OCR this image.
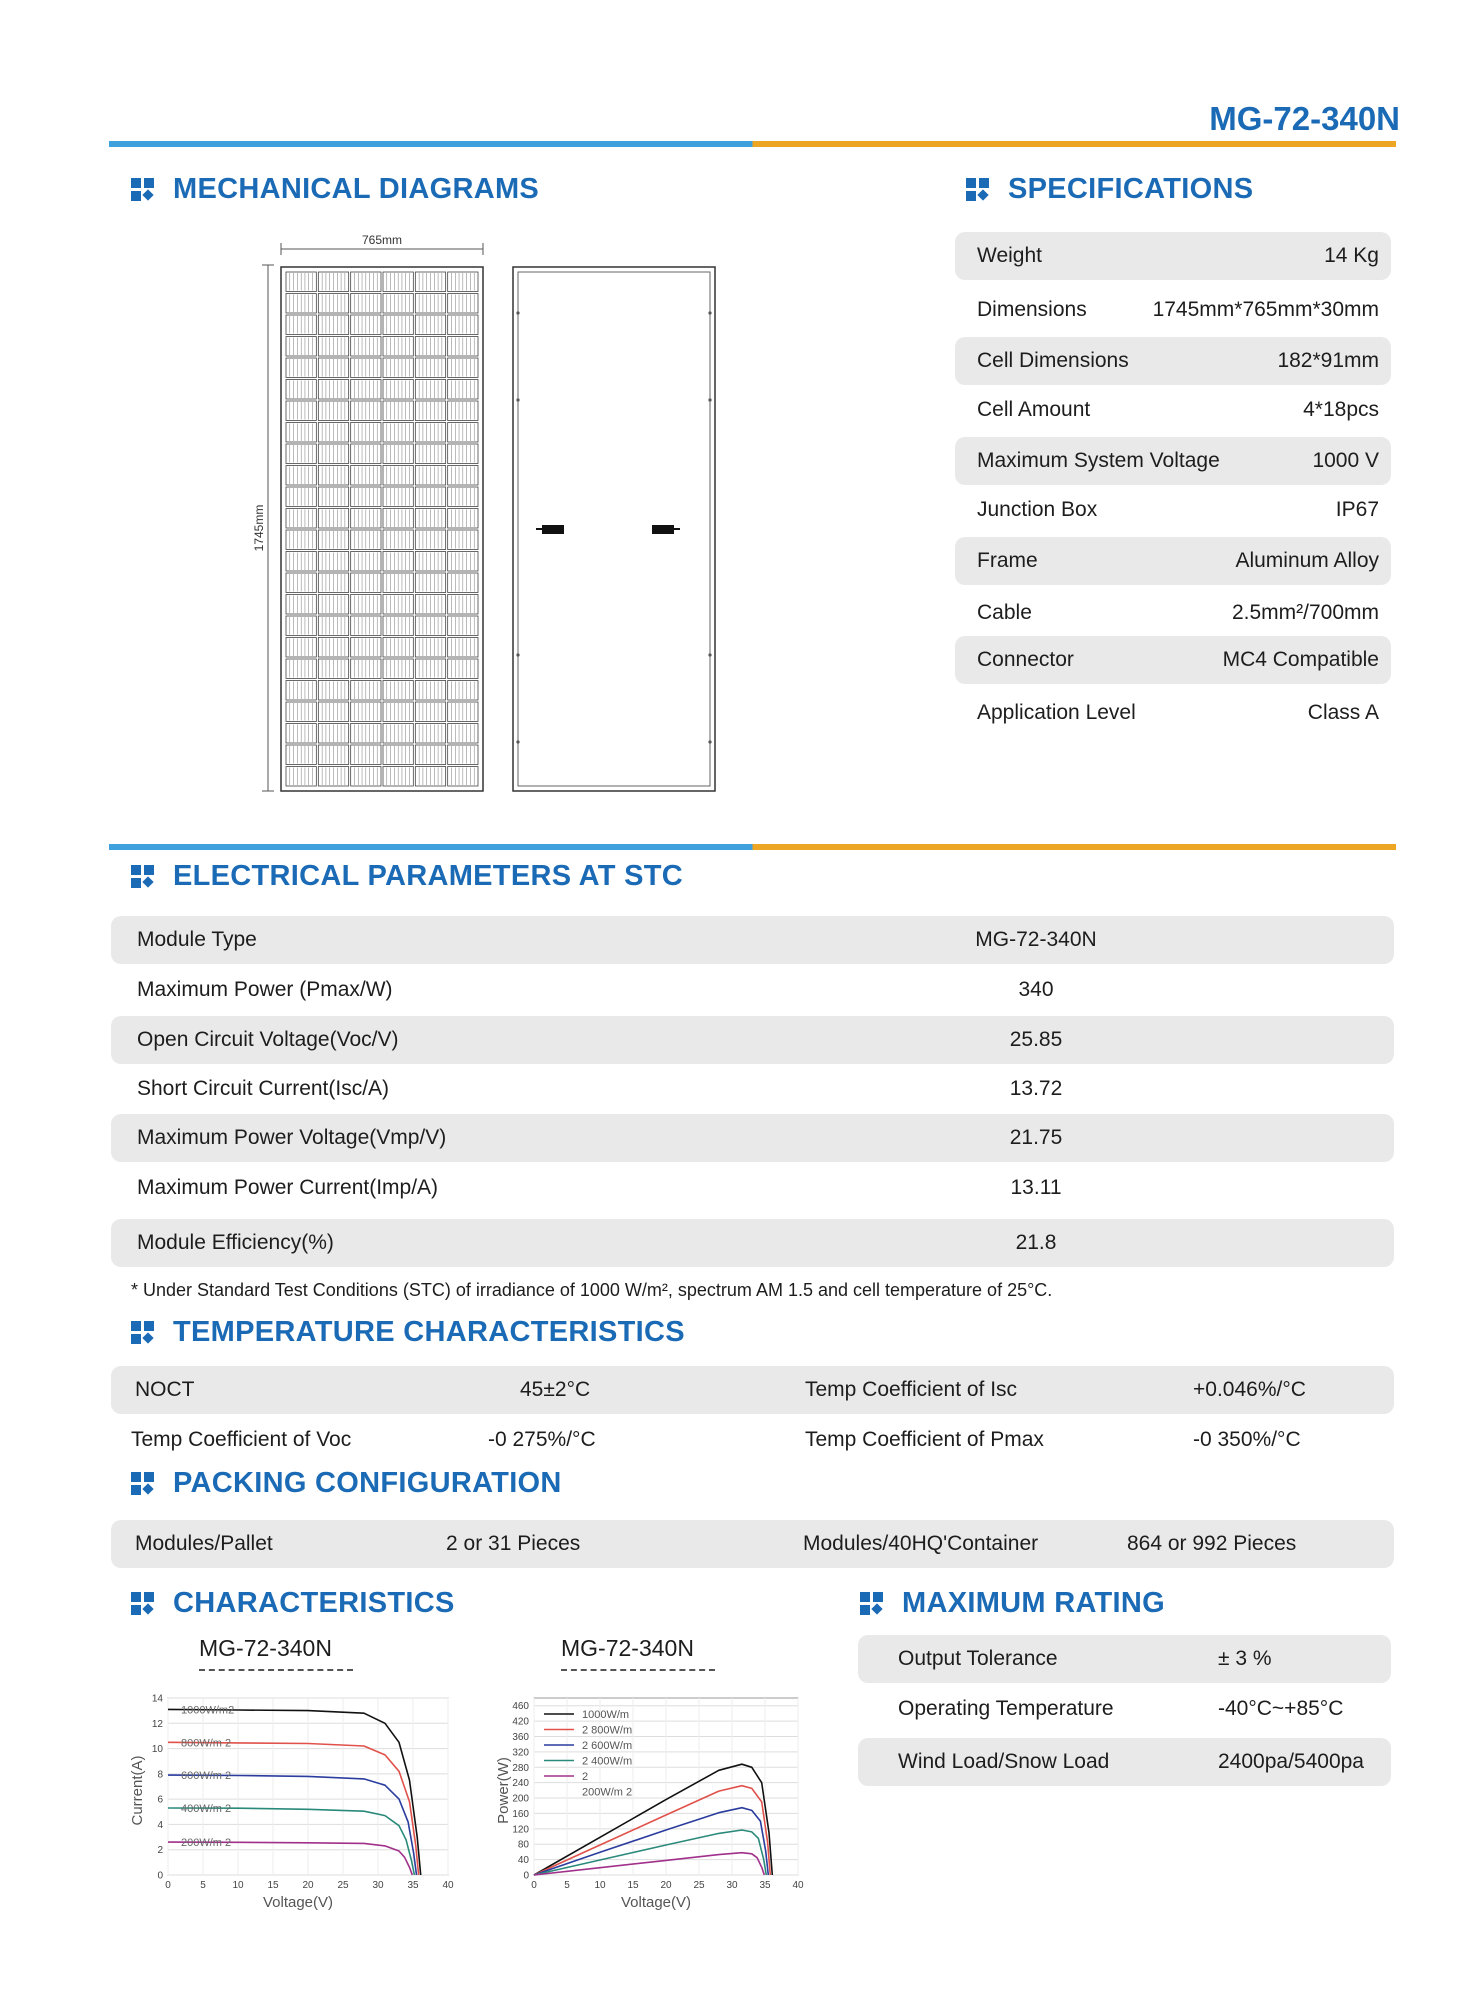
MG-72-340N
MECHANICAL DIAGRAMS
765mm
1745mm
SPECIFICATIONS
Weight	14 Kg
Dimensions	1745mm*765mm*30mm
Cell Dimensions	182*91mm
Cell Amount	4*18pcs
Maximum System Voltage	1000 V
Junction Box	IP67
Frame	Aluminum Alloy
Cable	2.5mm²/700mm
Connector	MC4 Compatible
Application Level	Class A
ELECTRICAL PARAMETERS AT STC
Module Type	MG-72-340N
Maximum Power (Pmax/W)	340
Open Circuit Voltage(Voc/V)	25.85
Short Circuit Current(Isc/A)	13.72
Maximum Power Voltage(Vmp/V)	21.75
Maximum Power Current(Imp/A)	13.11
Module Efficiency(%)	21.8
* Under Standard Test Conditions (STC) of irradiance of 1000 W/m², spectrum AM 1.5 and cell temperature of 25°C.
TEMPERATURE CHARACTERISTICS
NOCT	45±2°C	Temp Coefficient of Isc	+0.046%/°C
Temp Coefficient of Voc	-0 275%/°C	Temp Coefficient of Pmax	-0 350%/°C
PACKING CONFIGURATION
Modules/Pallet	2 or 31 Pieces	Modules/40HQ'Container	864 or 992 Pieces
CHARACTERISTICS
MG-72-340N	MG-72-340N
0
2
4
6
8
10
12
14
0	5	10 15 20 25 30 35 40
Voltage(V)
Current(A)
1000W/m2
800W/m 2
600W/m 2
400W/m 2
200W/m 2
0
40
80
120
160
200
240
280
320
360
420
460
0	5 10 15 20 25 30 35 40
Voltage(V)
Power(W)
1000W/m
2 800W/m
2 600W/m
2 400W/m
2
200W/m 2
MAXIMUM RATING
Output Tolerance	± 3 %
Operating Temperature	-40°C~+85°C
Wind Load/Snow Load	2400pa/5400pa
